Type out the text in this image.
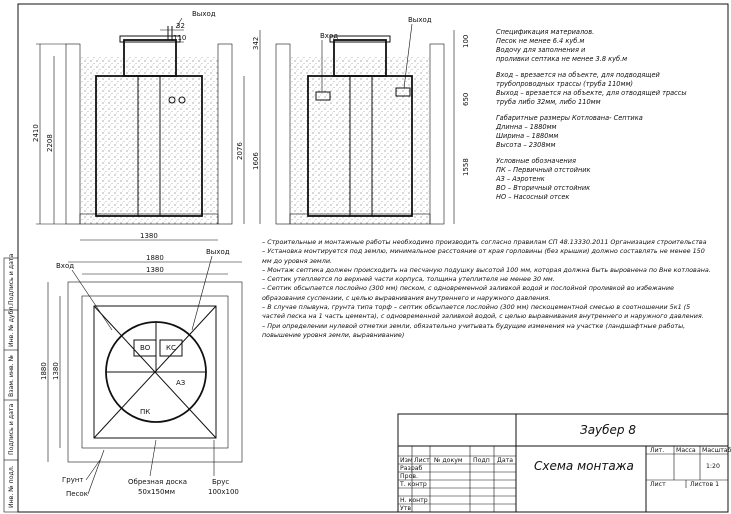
Подпись и дата
Инв. № дубл.
Взам. инв. №
Подпись и дата
Инв. № подл.
32
110
2410
2208	2076
1380
Выход
Вход
Выход
342
1606
100
650
1558
ВО КС
АЗ
ПК
Вход
Выход
1880
1380
1880 1380
Грунт
Песок
Обрезная доска
50х150мм
Брус
100х100
Заубер 8
Схема монтажа
Лит. Масса Масштаб
1:20
Лист	Листов 1
Изм Лист № докум Подп Дата
Разраб
Пров.
Т. контр
Н. контр
Утв
Спецификация материалов.
Песок не менее 6.4 куб.м
Водочу для заполнения и
проливки септика не менее 3.8 куб.м
Вход – врезается на объекте, для подводящей
трубопроводных трассы (труба 110мм)
Выход – врезается на объекте, для отводящей трассы
труба либо 32мм, либо 110мм
Габаритные размеры Котлована- Септика
Длинна – 1880мм
Ширина – 1880мм
Высота – 2308мм
Условные обозначения
ПК – Первичный отстойник
АЗ – Аэротенк
ВО – Вторичный отстойник
НО – Насосный отсек

– Строительные и монтажные работы необходимо производить согласно правилам СП 48.13330.2011 Организация строительства

– Установка монтируется под землю, минимальное расстояние от края горловины (без крышки) должно составлять не менее 150 мм до уровня земли.

– Монтаж септика должен происходить на песчаную подушку высотой 100 мм, которая должна быть выровнена по Вне котлована.

– Септик утепляется по верхней части корпуса, толщина утеплителя не менее 30 мм.

– Септик обсыпается послойно (300 мм) песком, с одновременной заливкой водой и послойной проливкой во избежание образования суспензии, с целью выравнивания внутреннего и наружного давления.

– В случае плывуна, грунта типа торф – септик обсыпается послойно (300 мм) пескоцементной смесью в соотношении 5к1 (5 частей песка на 1 часть цемента), с одновременной заливкой водой, с целью выравнивания внутреннего и наружного давления.

– При определении нулевой отметки земли, обязательно учитывать будущие изменения на участке (ландшафтные работы, повышение уровня земли, выравнивание)
